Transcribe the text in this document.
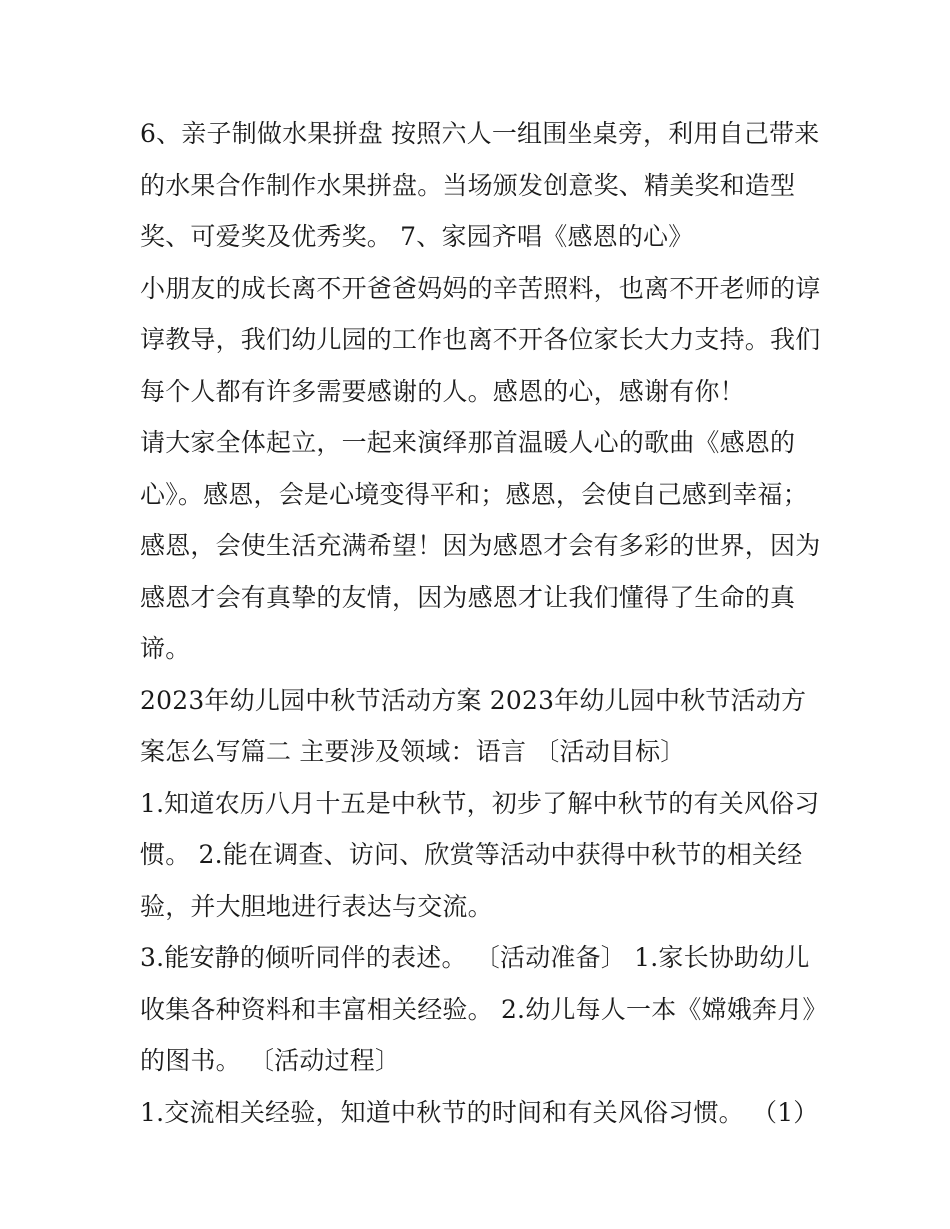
6、亲子制做水果拼盘 按照六人一组围坐桌旁，利用自己带来的水果合作制作水果拼盘。当场颁发创意奖、精美奖和造型奖、可爱奖及优秀奖。 7、家园齐唱《感恩的心》

小朋友的成长离不开爸爸妈妈的辛苦照料，也离不开老师的谆谆教导，我们幼儿园的工作也离不开各位家长大力支持。我们每个人都有许多需要感谢的人。感恩的心，感谢有你！

请大家全体起立，一起来演绎那首温暖人心的歌曲《感恩的心》。感恩，会是心境变得平和；感恩，会使自己感到幸福；感恩，会使生活充满希望！因为感恩才会有多彩的世界，因为感恩才会有真挚的友情，因为感恩才让我们懂得了生命的真谛。

2023年幼儿园中秋节活动方案 2023年幼儿园中秋节活动方案怎么写篇二 主要涉及领域：语言 〔活动目标〕

1.知道农历八月十五是中秋节，初步了解中秋节的有关风俗习惯。 2.能在调查、访问、欣赏等活动中获得中秋节的相关经验，并大胆地进行表达与交流。

3.能安静的倾听同伴的表述。 〔活动准备〕 1.家长协助幼儿收集各种资料和丰富相关经验。 2.幼儿每人一本《嫦娥奔月》的图书。 〔活动过程〕

1.交流相关经验，知道中秋节的时间和有关风俗习惯。 （1）
